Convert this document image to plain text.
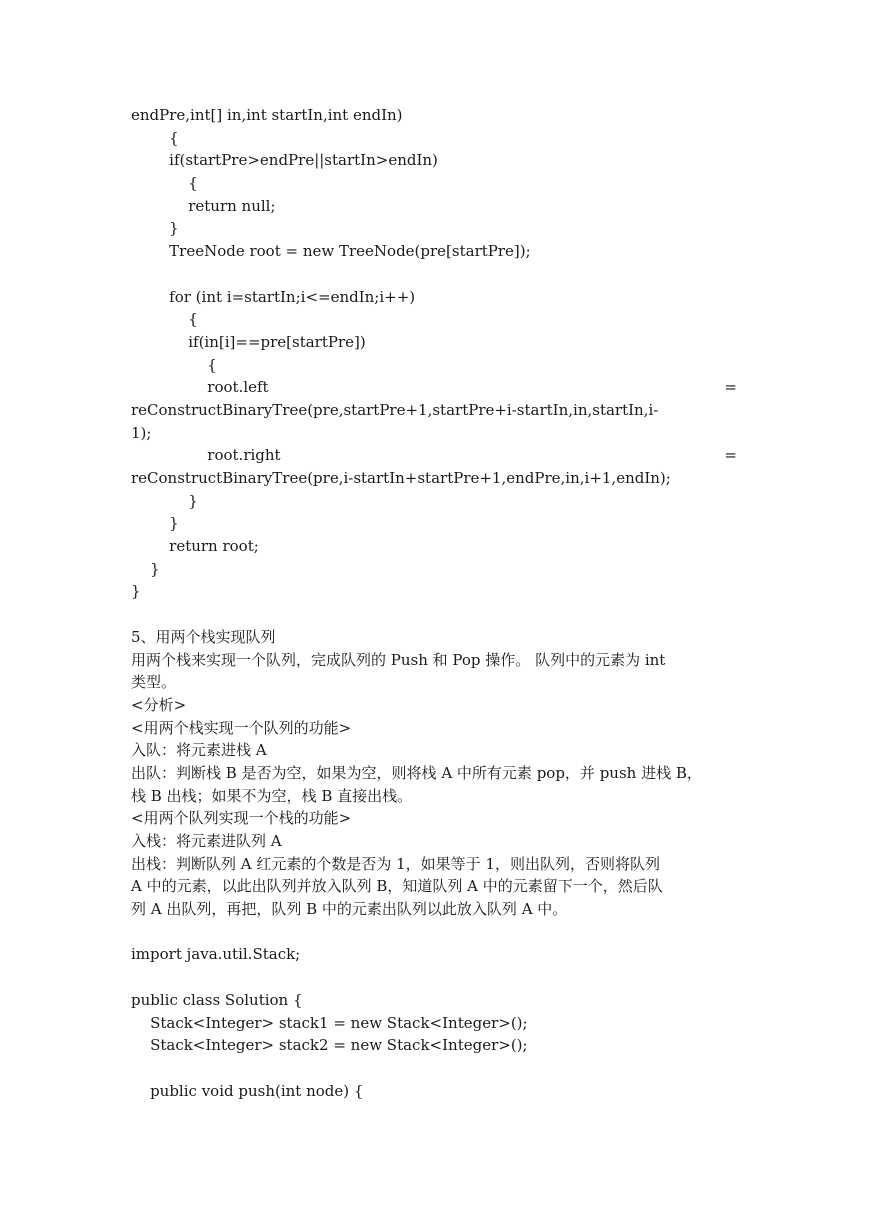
endPre,int[] in,int startIn,int endIn)
{
if(startPre>endPre||startIn>endIn)
{
return null;
}
TreeNode root = new TreeNode(pre[startPre]);
for (int i=startIn;i<=endIn;i++)
{
if(in[i]==pre[startPre])
{
root.left	=
reConstructBinaryTree(pre,startPre+1,startPre+i-startIn,in,startIn,i-
1);
root.right	=
reConstructBinaryTree(pre,i-startIn+startPre+1,endPre,in,i+1,endIn);
}
}
return root;
}
}
5、用两个栈实现队列
用两个栈来实现一个队列，完成队列的 Push 和 Pop 操作。 队列中的元素为 int
类型。
<分析>
<用两个栈实现一个队列的功能>
入队：将元素进栈 A
出队：判断栈 B 是否为空，如果为空，则将栈 A 中所有元素 pop，并 push 进栈 B，
栈 B 出栈；如果不为空，栈 B 直接出栈。
<用两个队列实现一个栈的功能>
入栈：将元素进队列 A
出栈：判断队列 A 红元素的个数是否为 1，如果等于 1，则出队列，否则将队列
A 中的元素，以此出队列并放入队列 B，知道队列 A 中的元素留下一个，然后队
列 A 出队列，再把，队列 B 中的元素出队列以此放入队列 A 中。
import java.util.Stack;
public class Solution {
Stack<Integer> stack1 = new Stack<Integer>();
Stack<Integer> stack2 = new Stack<Integer>();
public void push(int node) {
